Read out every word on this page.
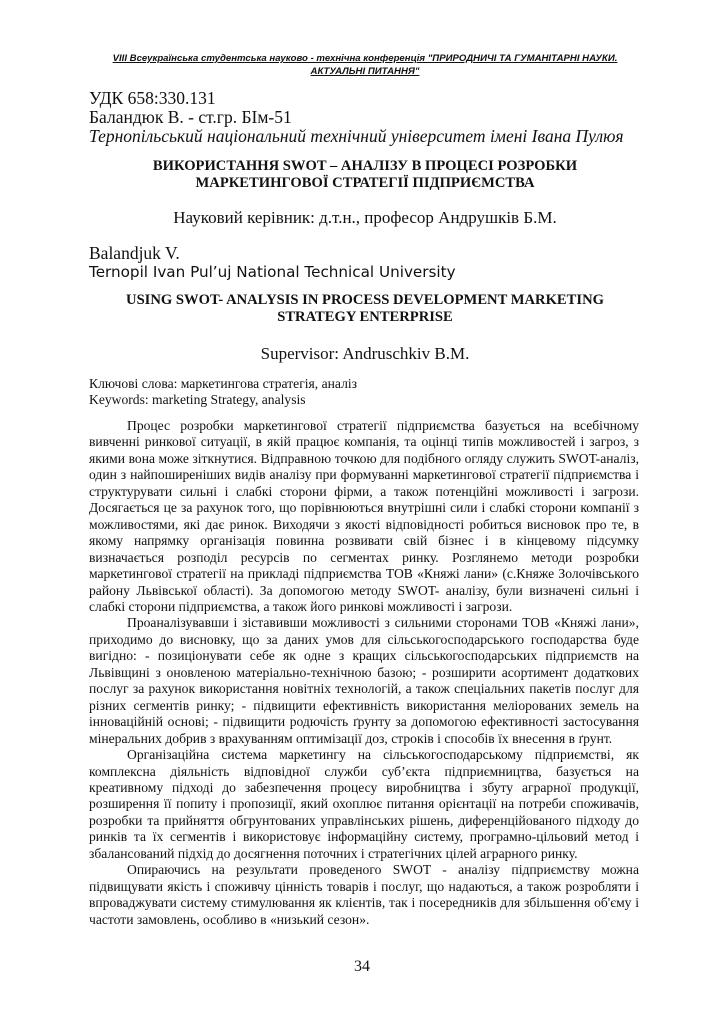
VIII Всеукраїнська студентська науково - технічна конференція "ПРИРОДНИЧІ ТА ГУМАНІТАРНІ НАУКИ. АКТУАЛЬНІ ПИТАННЯ"
УДК 658:330.131
Баландюк В. - ст.гр. БІм-51
Тернопільський національний технічний університет імені Івана Пулюя
ВИКОРИСТАННЯ SWOT – АНАЛІЗУ В ПРОЦЕСІ РОЗРОБКИ МАРКЕТИНГОВОЇ СТРАТЕГІЇ ПІДПРИЄМСТВА
Науковий керівник: д.т.н., професор Андрушків Б.М.
Balandjuk V.
Ternopil Ivan Pul’uj National Technical University
USING SWOT- ANALYSIS IN PROCESS DEVELOPMENT MARKETING STRATEGY ENTERPRISE
Supervisor: Andruschkiv B.M.
Ключові слова: маркетингова стратегія, аналіз
Keywords: marketing Strategy, analysis

Процес розробки маркетингової стратегії підприємства базується на всебічному вивченні ринкової ситуації, в якій працює компанія, та оцінці типів можливостей і загроз, з якими вона може зіткнутися. Відправною точкою для подібного огляду служить SWOT-аналіз, один з найпоширеніших видів аналізу при формуванні маркетингової стратегії підприємства і структурувати сильні і слабкі сторони фірми, а також потенційні можливості і загрози. Досягається це за рахунок того, що порівнюються внутрішні сили і слабкі сторони компанії з можливостями, які дає ринок. Виходячи з якості відповідності робиться висновок про те, в якому напрямку організація повинна розвивати свій бізнес і в кінцевому підсумку визначається розподіл ресурсів по сегментах ринку. Розглянемо методи розробки маркетингової стратегії на прикладі підприємства ТОВ «Княжі лани» (с.Княже Золочівського району Львівської області). За допомогою методу SWOT- аналізу, були визначені сильні і слабкі сторони підприємства, а також його ринкові можливості і загрози.

Проаналізувавши і зіставивши можливості з сильними сторонами ТОВ «Княжі лани», приходимо до висновку, що за даних умов для сільськогосподарського господарства буде вигідно: - позиціонувати себе як одне з кращих сільськогосподарських підприємств на Львівщині з оновленою матеріально-технічною базою; - розширити асортимент додаткових послуг за рахунок використання новітніх технологій, а також спеціальних пакетів послуг для різних сегментів ринку; - підвищити ефективність використання меліорованих земель на інноваційній основі; - підвищити родючість ґрунту за допомогою ефективності застосування мінеральних добрив з врахуванням оптимізації доз, строків і способів їх внесення в ґрунт.

Організаційна система маркетингу на сільськогосподарському підприємстві, як комплексна діяльність відповідної служби суб’єкта підприємництва, базується на креативному підході до забезпечення процесу виробництва і збуту аграрної продукції, розширення її попиту і пропозиції, який охоплює питання орієнтації на потреби споживачів, розробки та прийняття обгрунтованих управлінських рішень, диференційованого підходу до ринків та їх сегментів і використовує інформаційну систему, програмно-цільовий метод і збалансований підхід до досягнення поточних і стратегічних цілей аграрного ринку.

Опираючись на результати проведеного SWOT - аналізу підприємству можна підвищувати якість і споживчу цінність товарів і послуг, що надаються, а також розробляти і впроваджувати систему стимулювання як клієнтів, так і посередників для збільшення об'єму і частоти замовлень, особливо в «низький сезон».

34
